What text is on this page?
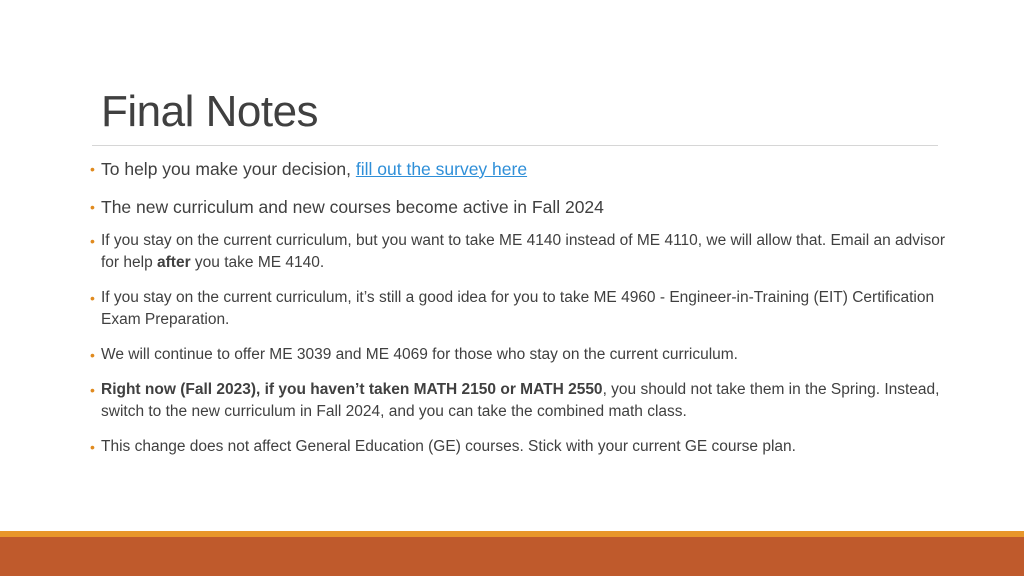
Final Notes
• To help you make your decision, fill out the survey here
• The new curriculum and new courses become active in Fall 2024
• If you stay on the current curriculum, but you want to take ME 4140 instead of ME 4110, we will allow that. Email an advisor for help after you take ME 4140.
• If you stay on the current curriculum, it’s still a good idea for you to take ME 4960 - Engineer-in-Training (EIT) Certification Exam Preparation.
• We will continue to offer ME 3039 and ME 4069 for those who stay on the current curriculum.
• Right now (Fall 2023), if you haven’t taken MATH 2150 or MATH 2550, you should not take them in the Spring. Instead, switch to the new curriculum in Fall 2024, and you can take the combined math class.
• This change does not affect General Education (GE) courses. Stick with your current GE course plan.
